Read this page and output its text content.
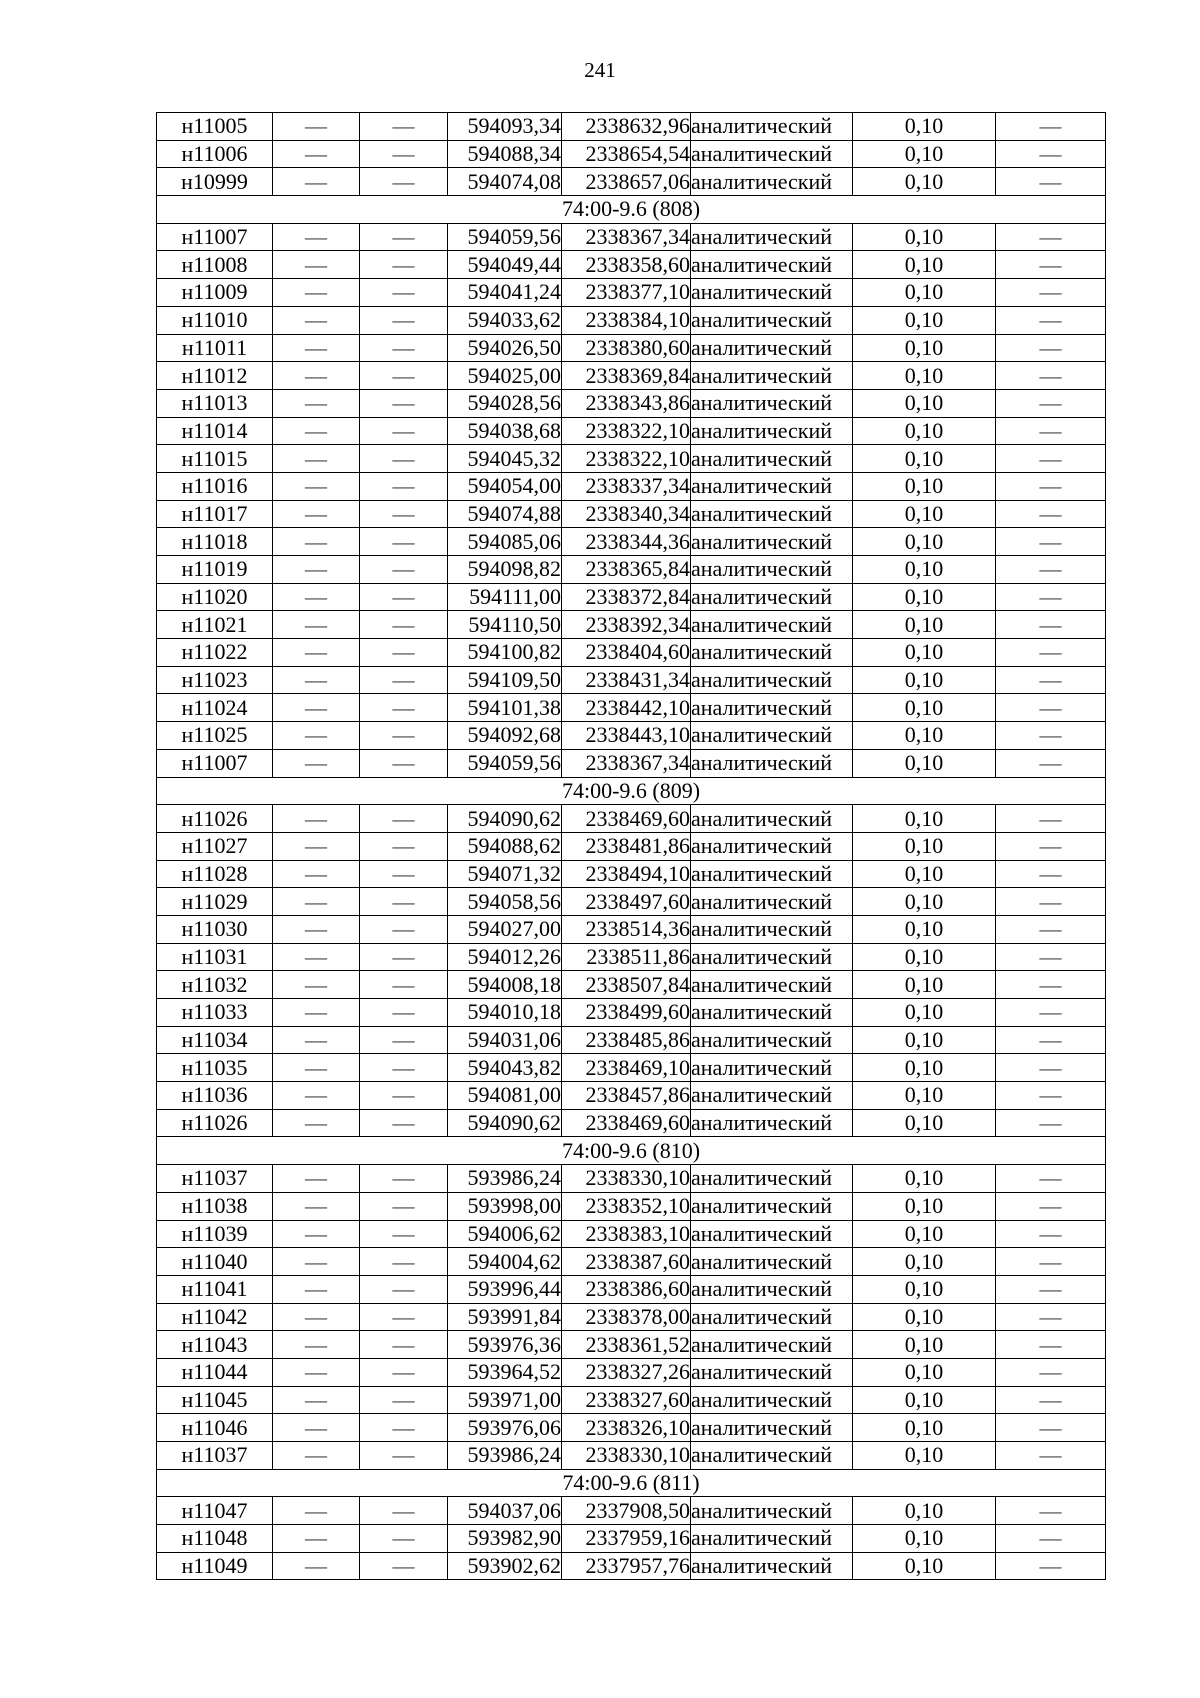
241
н11005	—	—	594093,34	2338632,96	аналитический	0,10	—
н11006	—	—	594088,34	2338654,54	аналитический	0,10	—
н10999	—	—	594074,08	2338657,06	аналитический	0,10	—
74:00-9.6 (808)							
н11007	—	—	594059,56	2338367,34	аналитический	0,10	—
н11008	—	—	594049,44	2338358,60	аналитический	0,10	—
н11009	—	—	594041,24	2338377,10	аналитический	0,10	—
н11010	—	—	594033,62	2338384,10	аналитический	0,10	—
н11011	—	—	594026,50	2338380,60	аналитический	0,10	—
н11012	—	—	594025,00	2338369,84	аналитический	0,10	—
н11013	—	—	594028,56	2338343,86	аналитический	0,10	—
н11014	—	—	594038,68	2338322,10	аналитический	0,10	—
н11015	—	—	594045,32	2338322,10	аналитический	0,10	—
н11016	—	—	594054,00	2338337,34	аналитический	0,10	—
н11017	—	—	594074,88	2338340,34	аналитический	0,10	—
н11018	—	—	594085,06	2338344,36	аналитический	0,10	—
н11019	—	—	594098,82	2338365,84	аналитический	0,10	—
н11020	—	—	594111,00	2338372,84	аналитический	0,10	—
н11021	—	—	594110,50	2338392,34	аналитический	0,10	—
н11022	—	—	594100,82	2338404,60	аналитический	0,10	—
н11023	—	—	594109,50	2338431,34	аналитический	0,10	—
н11024	—	—	594101,38	2338442,10	аналитический	0,10	—
н11025	—	—	594092,68	2338443,10	аналитический	0,10	—
н11007	—	—	594059,56	2338367,34	аналитический	0,10	—
74:00-9.6 (809)							
н11026	—	—	594090,62	2338469,60	аналитический	0,10	—
н11027	—	—	594088,62	2338481,86	аналитический	0,10	—
н11028	—	—	594071,32	2338494,10	аналитический	0,10	—
н11029	—	—	594058,56	2338497,60	аналитический	0,10	—
н11030	—	—	594027,00	2338514,36	аналитический	0,10	—
н11031	—	—	594012,26	2338511,86	аналитический	0,10	—
н11032	—	—	594008,18	2338507,84	аналитический	0,10	—
н11033	—	—	594010,18	2338499,60	аналитический	0,10	—
н11034	—	—	594031,06	2338485,86	аналитический	0,10	—
н11035	—	—	594043,82	2338469,10	аналитический	0,10	—
н11036	—	—	594081,00	2338457,86	аналитический	0,10	—
н11026	—	—	594090,62	2338469,60	аналитический	0,10	—
74:00-9.6 (810)							
н11037	—	—	593986,24	2338330,10	аналитический	0,10	—
н11038	—	—	593998,00	2338352,10	аналитический	0,10	—
н11039	—	—	594006,62	2338383,10	аналитический	0,10	—
н11040	—	—	594004,62	2338387,60	аналитический	0,10	—
н11041	—	—	593996,44	2338386,60	аналитический	0,10	—
н11042	—	—	593991,84	2338378,00	аналитический	0,10	—
н11043	—	—	593976,36	2338361,52	аналитический	0,10	—
н11044	—	—	593964,52	2338327,26	аналитический	0,10	—
н11045	—	—	593971,00	2338327,60	аналитический	0,10	—
н11046	—	—	593976,06	2338326,10	аналитический	0,10	—
н11037	—	—	593986,24	2338330,10	аналитический	0,10	—
74:00-9.6 (811)							
н11047	—	—	594037,06	2337908,50	аналитический	0,10	—
н11048	—	—	593982,90	2337959,16	аналитический	0,10	—
н11049	—	—	593902,62	2337957,76	аналитический	0,10	—
